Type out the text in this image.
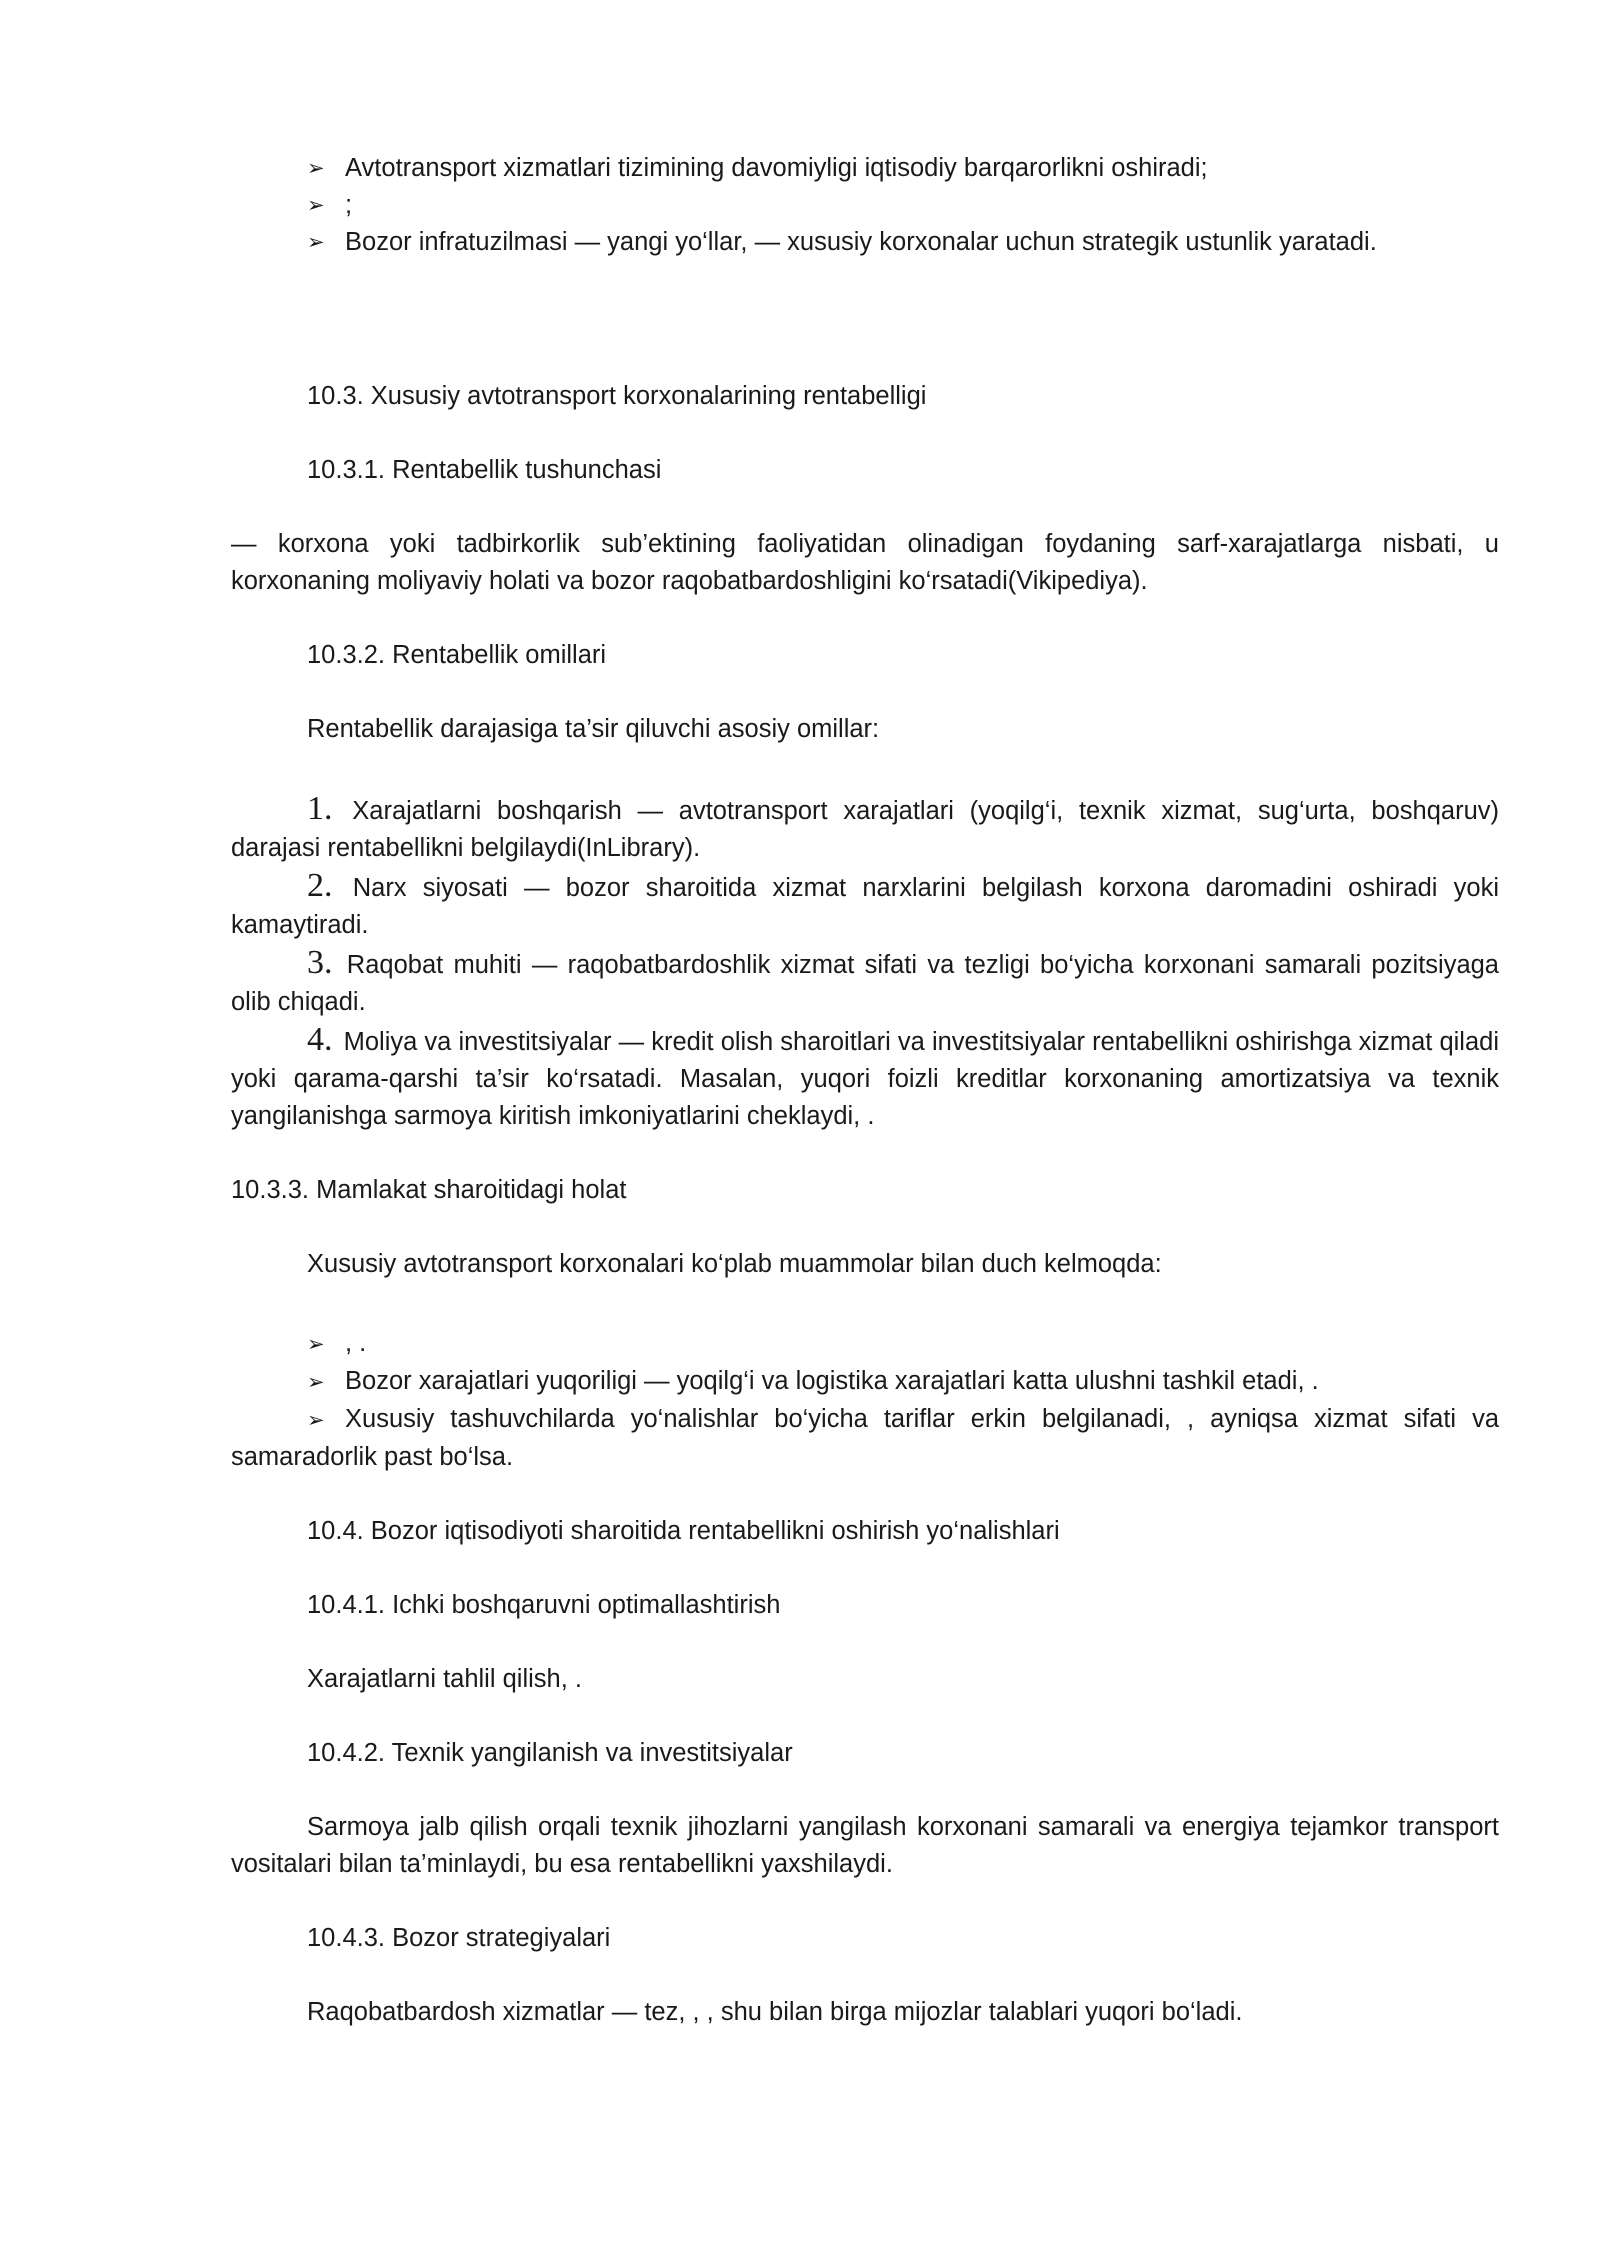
➢ Avtotransport xizmatlari tizimining davomiyligi iqtisodiy barqarorlikni oshiradi;
➢ ;
➢ Bozor infratuzilmasi — yangi yo‘llar, — xususiy korxonalar uchun strategik ustunlik yaratadi.
10.3. Xususiy avtotransport korxonalarining rentabelligi
10.3.1. Rentabellik tushunchasi
— korxona yoki tadbirkorlik sub’ektining faoliyatidan olinadigan foydaning sarf-xarajatlarga nisbati, u korxonaning moliyaviy holati va bozor raqobatbardoshligini ko‘rsatadi(Vikipediya).
10.3.2. Rentabellik omillari
Rentabellik darajasiga ta’sir qiluvchi asosiy omillar:
1. Xarajatlarni boshqarish — avtotransport xarajatlari (yoqilg‘i, texnik xizmat, sug‘urta, boshqaruv) darajasi rentabellikni belgilaydi(InLibrary).
2. Narx siyosati — bozor sharoitida xizmat narxlarini belgilash korxona daromadini oshiradi yoki kamaytiradi.
3. Raqobat muhiti — raqobatbardoshlik xizmat sifati va tezligi bo‘yicha korxonani samarali pozitsiyaga olib chiqadi.
4. Moliya va investitsiyalar — kredit olish sharoitlari va investitsiyalar rentabellikni oshirishga xizmat qiladi yoki qarama-qarshi ta’sir ko‘rsatadi. Masalan, yuqori foizli kreditlar korxonaning amortizatsiya va texnik yangilanishga sarmoya kiritish imkoniyatlarini cheklaydi, .
10.3.3. Mamlakat sharoitidagi holat
Xususiy avtotransport korxonalari ko‘plab muammolar bilan duch kelmoqda:
➢ , .
➢ Bozor xarajatlari yuqoriligi — yoqilg‘i va logistika xarajatlari katta ulushni tashkil etadi, .
➢ Xususiy tashuvchilarda yo‘nalishlar bo‘yicha tariflar erkin belgilanadi, , ayniqsa xizmat sifati va samaradorlik past bo‘lsa.
10.4. Bozor iqtisodiyoti sharoitida rentabellikni oshirish yo‘nalishlari
10.4.1. Ichki boshqaruvni optimallashtirish
Xarajatlarni tahlil qilish, .
10.4.2. Texnik yangilanish va investitsiyalar
Sarmoya jalb qilish orqali texnik jihozlarni yangilash korxonani samarali va energiya tejamkor transport vositalari bilan ta’minlaydi, bu esa rentabellikni yaxshilaydi.
10.4.3. Bozor strategiyalari
Raqobatbardosh xizmatlar — tez, , , shu bilan birga mijozlar talablari yuqori bo‘ladi.
